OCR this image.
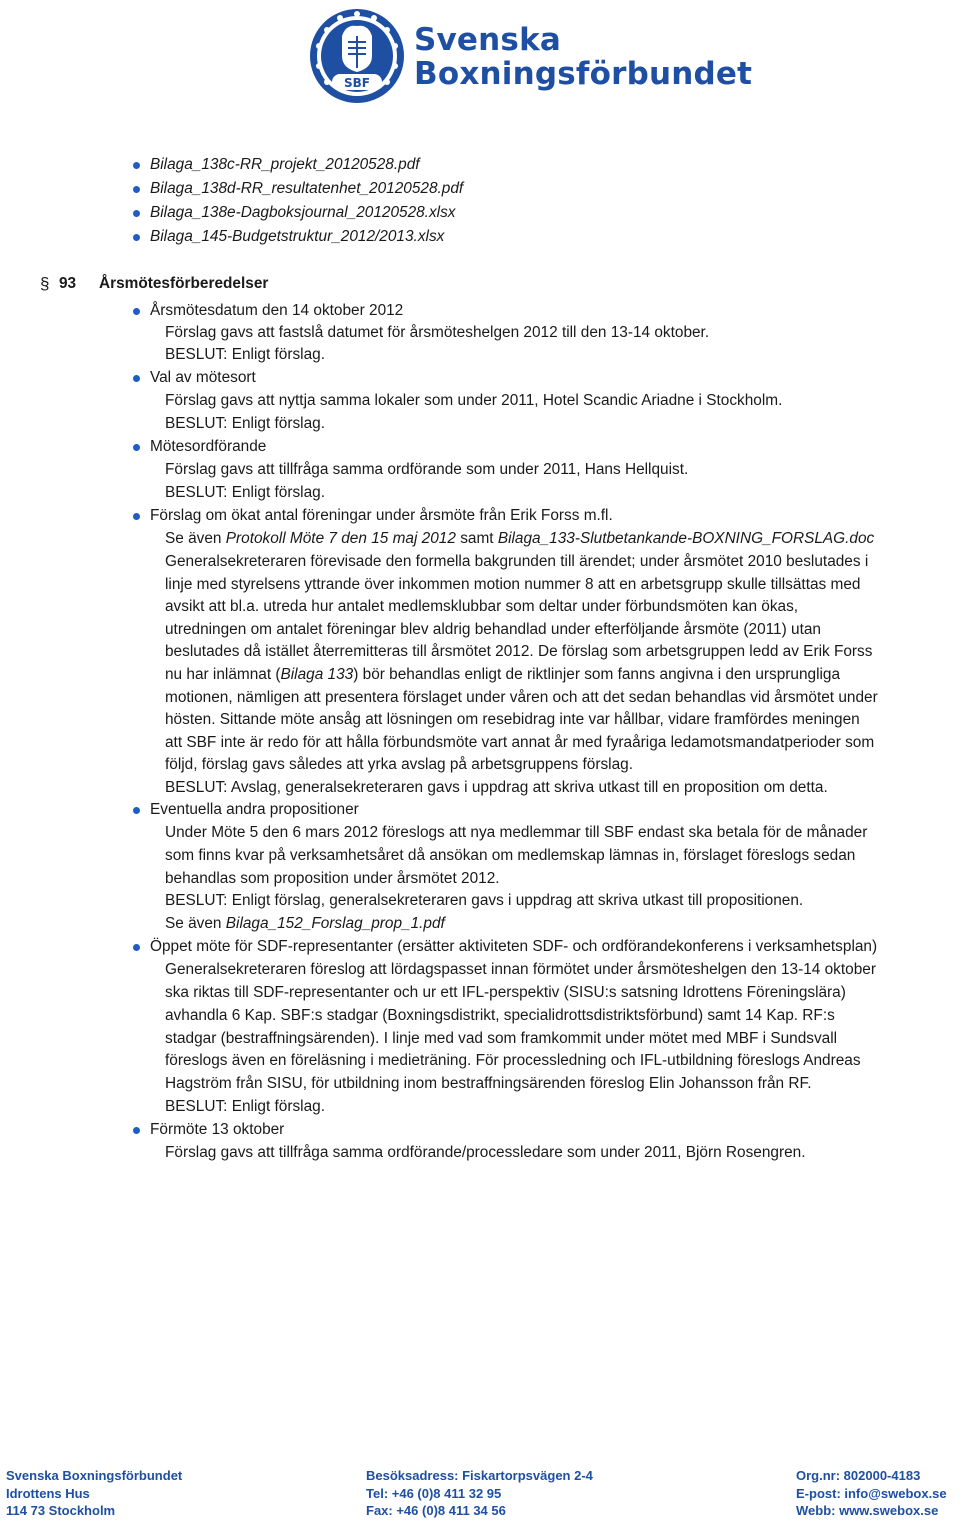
SBF
Svenska
Boxningsförbundet
Bilaga_138c-RR_projekt_20120528.pdf
Bilaga_138d-RR_resultatenhet_20120528.pdf
Bilaga_138e-Dagboksjournal_20120528.xlsx
Bilaga_145-Budgetstruktur_2012/2013.xlsx
§ 93 Årsmötesförberedelser
Årsmötesdatum den 14 oktober 2012
Förslag gavs att fastslå datumet för årsmöteshelgen 2012 till den 13-14 oktober.
BESLUT: Enligt förslag.
Val av mötesort
Förslag gavs att nyttja samma lokaler som under 2011, Hotel Scandic Ariadne i Stockholm.
BESLUT: Enligt förslag.
Mötesordförande
Förslag gavs att tillfråga samma ordförande som under 2011, Hans Hellquist.
BESLUT: Enligt förslag.
Förslag om ökat antal föreningar under årsmöte från Erik Forss m.fl.
Se även Protokoll Möte 7 den 15 maj 2012 samt Bilaga_133-Slutbetankande-BOXNING_FORSLAG.doc
Generalsekreteraren förevisade den formella bakgrunden till ärendet; under årsmötet 2010 beslutades i
linje med styrelsens yttrande över inkommen motion nummer 8 att en arbetsgrupp skulle tillsättas med
avsikt att bl.a. utreda hur antalet medlemsklubbar som deltar under förbundsmöten kan ökas,
utredningen om antalet föreningar blev aldrig behandlad under efterföljande årsmöte (2011) utan
beslutades då istället återremitteras till årsmötet 2012. De förslag som arbetsgruppen ledd av Erik Forss
nu har inlämnat (Bilaga 133) bör behandlas enligt de riktlinjer som fanns angivna i den ursprungliga
motionen, nämligen att presentera förslaget under våren och att det sedan behandlas vid årsmötet under
hösten. Sittande möte ansåg att lösningen om resebidrag inte var hållbar, vidare framfördes meningen
att SBF inte är redo för att hålla förbundsmöte vart annat år med fyraåriga ledamotsmandatperioder som
följd, förslag gavs således att yrka avslag på arbetsgruppens förslag.
BESLUT: Avslag, generalsekreteraren gavs i uppdrag att skriva utkast till en proposition om detta.
Eventuella andra propositioner
Under Möte 5 den 6 mars 2012 föreslogs att nya medlemmar till SBF endast ska betala för de månader
som finns kvar på verksamhetsåret då ansökan om medlemskap lämnas in, förslaget föreslogs sedan
behandlas som proposition under årsmötet 2012.
BESLUT: Enligt förslag, generalsekreteraren gavs i uppdrag att skriva utkast till propositionen.
Se även Bilaga_152_Forslag_prop_1.pdf
Öppet möte för SDF-representanter (ersätter aktiviteten SDF- och ordförandekonferens i verksamhetsplan)
Generalsekreteraren föreslog att lördagspasset innan förmötet under årsmöteshelgen den 13-14 oktober
ska riktas till SDF-representanter och ur ett IFL-perspektiv (SISU:s satsning Idrottens Föreningslära)
avhandla 6 Kap. SBF:s stadgar (Boxningsdistrikt, specialidrottsdistriktsförbund) samt 14 Kap. RF:s
stadgar (bestraffningsärenden). I linje med vad som framkommit under mötet med MBF i Sundsvall
föreslogs även en föreläsning i medieträning. För processledning och IFL-utbildning föreslogs Andreas
Hagström från SISU, för utbildning inom bestraffningsärenden föreslog Elin Johansson från RF.
BESLUT: Enligt förslag.
Förmöte 13 oktober
Förslag gavs att tillfråga samma ordförande/processledare som under 2011, Björn Rosengren.
Svenska Boxningsförbundet
Idrottens Hus
114 73 Stockholm
Besöksadress: Fiskartorpsvägen 2-4
Tel: +46 (0)8 411 32 95
Fax: +46 (0)8 411 34 56
Org.nr: 802000-4183
E-post: info@swebox.se
Webb: www.swebox.se
